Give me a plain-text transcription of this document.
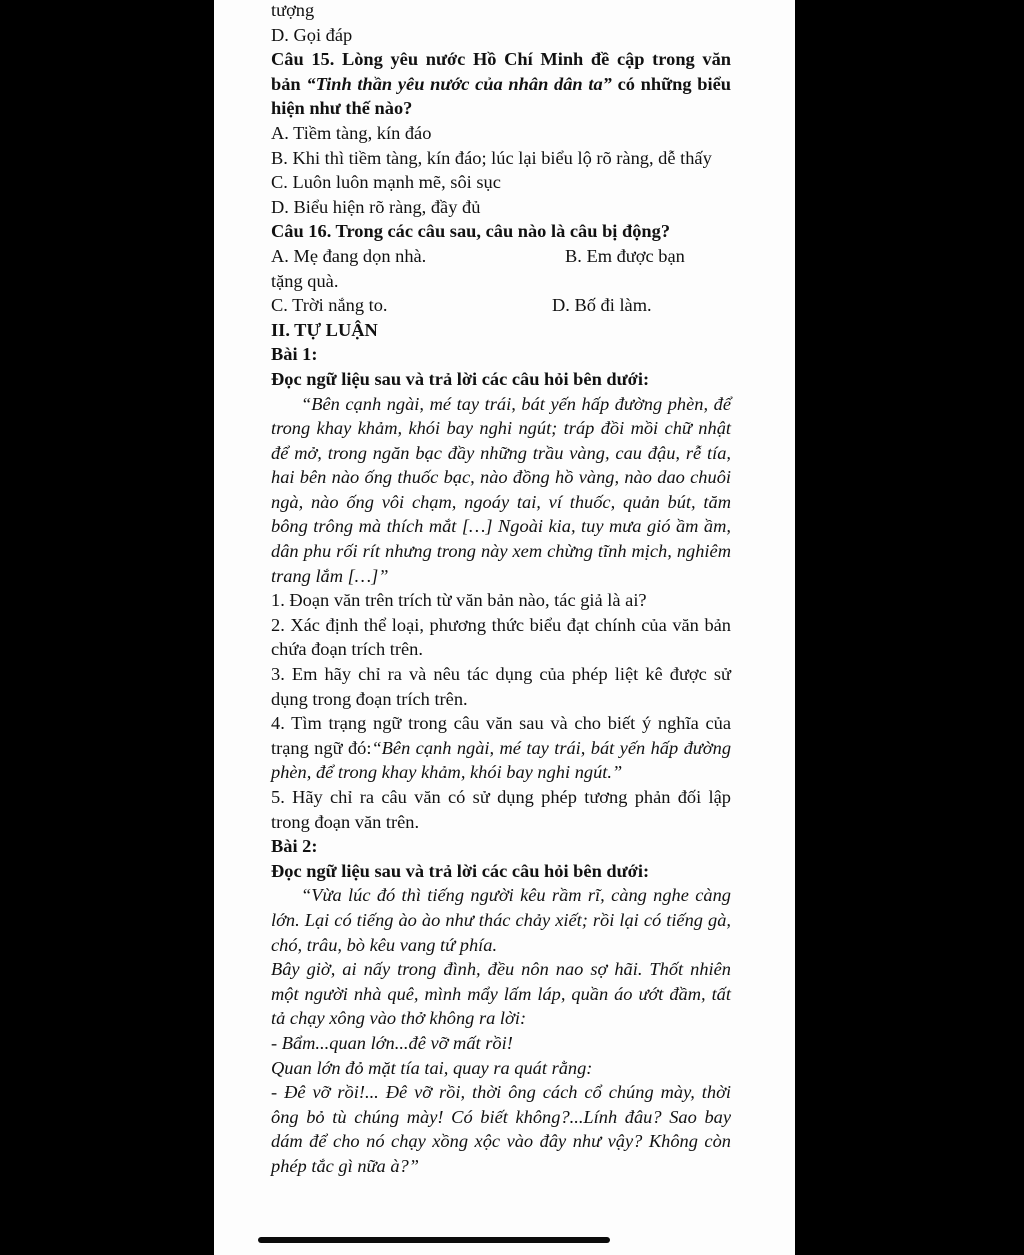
tượng

D. Gọi đáp

Câu 15. Lòng yêu nước Hồ Chí Minh đề cập trong văn bản “Tinh thần yêu nước của nhân dân ta” có những biểu hiện như thế nào?

A. Tiềm tàng, kín đáo

B. Khi thì tiềm tàng, kín đáo; lúc lại biểu lộ rõ ràng, dễ thấy

C. Luôn luôn mạnh mẽ, sôi sục

D. Biểu hiện rõ ràng, đầy đủ

Câu 16. Trong các câu sau, câu nào là câu bị động?

A. Mẹ đang dọn nhà.	B. Em được bạn

tặng quà.

C. Trời nắng to.	D. Bố đi làm.

II. TỰ LUẬN

Bài 1:

Đọc ngữ liệu sau và trả lời các câu hỏi bên dưới:

“Bên cạnh ngài, mé tay trái, bát yến hấp đường phèn, để trong khay khảm, khói bay nghi ngút; tráp đồi mồi chữ nhật để mở, trong ngăn bạc đầy những trầu vàng, cau đậu, rễ tía, hai bên nào ống thuốc bạc, nào đồng hồ vàng, nào dao chuôi ngà, nào ống vôi chạm, ngoáy tai, ví thuốc, quản bút, tăm bông trông mà thích mắt […] Ngoài kia, tuy mưa gió ầm ầm, dân phu rối rít nhưng trong này xem chừng tĩnh mịch, nghiêm trang lắm […]”

1. Đoạn văn trên trích từ văn bản nào, tác giả là ai?

2. Xác định thể loại, phương thức biểu đạt chính của văn bản chứa đoạn trích trên.

3. Em hãy chỉ ra và nêu tác dụng của phép liệt kê được sử dụng trong đoạn trích trên.

4. Tìm trạng ngữ trong câu văn sau và cho biết ý nghĩa của trạng ngữ đó:“Bên cạnh ngài, mé tay trái, bát yến hấp đường phèn, để trong khay khảm, khói bay nghi ngút.”

5. Hãy chỉ ra câu văn có sử dụng phép tương phản đối lập trong đoạn văn trên.

Bài 2:

Đọc ngữ liệu sau và trả lời các câu hỏi bên dưới:

“Vừa lúc đó thì tiếng người kêu rầm rĩ, càng nghe càng lớn. Lại có tiếng ào ào như thác chảy xiết; rồi lại có tiếng gà, chó, trâu, bò kêu vang tứ phía.

Bây giờ, ai nấy trong đình, đều nôn nao sợ hãi. Thốt nhiên một người nhà quê, mình mẩy lấm láp, quần áo ướt đầm, tất tả chạy xông vào thở không ra lời:

- Bẩm...quan lớn...đê vỡ mất rồi!

Quan lớn đỏ mặt tía tai, quay ra quát rằng:

- Đê vỡ rồi!... Đê vỡ rồi, thời ông cách cổ chúng mày, thời ông bỏ tù chúng mày! Có biết không?...Lính đâu? Sao bay dám để cho nó chạy xồng xộc vào đây như vậy? Không còn phép tắc gì nữa à?”
